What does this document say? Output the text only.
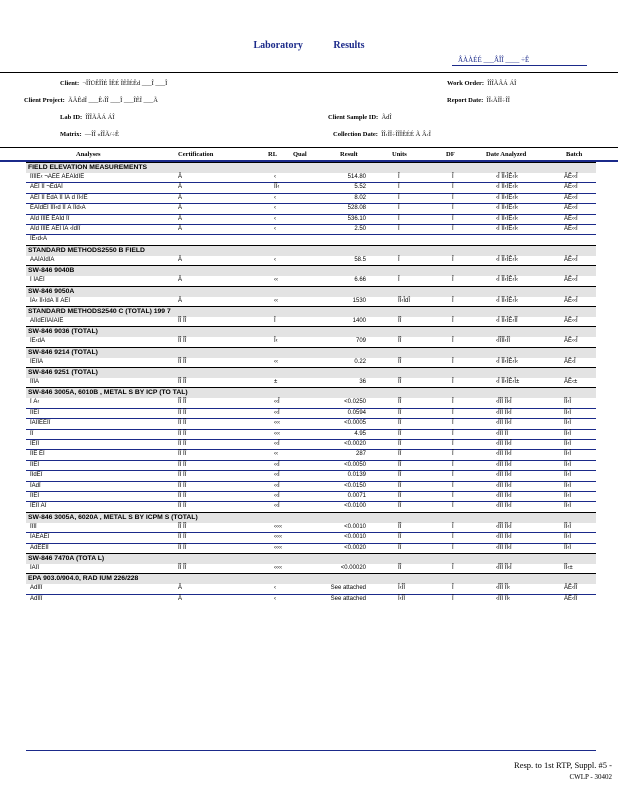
Laboratory	Results
ÂÀÀÉÉ ___ÂÎÎ ____ ÷Ê
Client: ¬ÎÎÜÊÎÎÉ ÎÊÉ ÎÊÎÉÊd ___Î ___Î	Work Order: ÎÎÎÃÂÁ ÁÎ
Client Project: ÃÂÊdÎ ___Ê‹ÎÎ ___Î ___ÎÊÎ ___Ã	Report Date: ÎÎ‹ÃÎÎ÷ÎÎ
Lab ID: ÎÎÎÃÂÁ ÁÎ	Client Sample ID: ÃdÎ
Matrix: —ÎÎ «ÎÎÃ/÷Ê	Collection Date: ÎÎ‹ÎÎ÷ÎÎÎÊÉÉ Ã Â‹Î
Analyses	Certification	RL Qual	Result	Units	DF	Date Analyzed	Batch
FIELD ELEVATION MEASUREMENTS
ÎÎÎÎÊ‹ ¬ÃÊÊ ÃÊÃÎdÎÊ	Â	‹	514.80	Î	Î	‹Î ÎÎ‹ÎÊ‹Î‹	ÂÊ‹‹Î
ÃÊÎ ÎÎ ¬ÊdÃÎ	Â	ÎÎ‹	5.52	Î	Î	‹Î ÎÎ‹ÎÊ‹Î‹	ÂÊ‹‹Î
ÃÊÎ ÎÎ ÊdÃ ÎÎ ÎÃ d ÎÎ‹ÎÊ	Â	‹	8.02	Î	Î	‹Î ÎÎ‹ÎÊ‹Î‹	ÂÊ‹‹Î
ÊÃÎdÊÎ ÎÎÎ‹d ÎÎ Ã ÎÎd‹Ã	Â	‹	528.08	Î	Î	‹Î ÎÎ‹ÎÊ‹Î‹	ÂÊ‹‹Î
ÃÎd ÎÎÎÊ ÊÃÎd ÎÎ	Â	‹	536.10	Î	Î	‹Î ÎÎ‹ÎÊ‹Î‹	ÂÊ‹‹Î
ÃÎd ÎÎÎÊ ÃÊÎ ÎÃ ‹ÎdÎÎ	Â	‹	2.50	Î	Î	‹Î ÎÎ‹ÎÊ‹Î‹	ÂÊ‹‹Î
ÎÊ‹d‹Ã
STANDARD METHODS2550 B FIELD
ÃÃÎÃÎdÎÃ	Â	‹	58.5	Î	Î	‹Î ÎÎ‹ÎÊ‹Î‹	ÂÊ‹‹Î
SW-846 9040B
Î ÎÃÊÎ	Â	‹‹	6.66	Î	Î	‹Î ÎÎ‹ÎÊ‹Î‹	ÂÊ‹‹Î
SW-846 9050A
ÎÃ‹ ÎÎ‹ÎdÃ ÎÎ ÃÊÎ	Â	‹‹	1530	ÎÎ‹ÎdÎ	Î	‹Î ÎÎ‹ÎÊ‹Î‹	ÂÊ‹‹Î
STANDARD METHODS2540 C (TOTAL) 199 7
ÃÎÎdÊÎÎÃÎÃÎÊ	ÎÎ ÎÎ	Î	1400	ÎÎ	Î	‹Î ÎÎ‹ÎÊ‹ÎÎ	ÂÊ‹‹Î
SW-846 9036 (TOTAL)
ÎÊ‹dÃ	ÎÎ ÎÎ	Î‹	709	ÎÎ	Î	‹ÎÎÎÎ‹ÎÎ	ÂÊ‹‹Î
SW-846 9214 (TOTAL)
ÎÊÎÎÃ	ÎÎ ÎÎ	‹‹	0.22	ÎÎ	Î	‹Î ÎÎ‹ÎÊ‹Î‹	ÂÊ‹Î
SW-846 9251 (TOTAL)
ÎÎÎÃ	ÎÎ ÎÎ	±	36	ÎÎ	Î	‹Î ÎÎ‹ÎÊ‹Î±	ÂÊ‹±
SW-846 3005A, 6010B , METAL S BY ICP (TO TAL)
Î Ã‹	ÎÎ ÎÎ	‹‹Î	<0.0250	ÎÎ	Î	‹ÎÎÎ ÎÎ‹Î	ÎÎ‹Î
ÎÎÊÎ	ÎÎ ÎÎ	‹‹Î	0.0594	ÎÎ	Î	‹ÎÎÎ ÎÎ‹Î	ÎÎ‹Î
ÎÃÎÎÊÊÎÎ	ÎÎ ÎÎ	‹‹‹	<0.0005	ÎÎ	Î	‹ÎÎÎ ÎÎ‹Î	ÎÎ‹Î
ÎÎ	ÎÎ ÎÎ	‹‹‹	4.95	ÎÎ	Î	‹ÎÎÎ ÎÎ	ÎÎ‹Î
ÎÊÎÎ	ÎÎ ÎÎ	‹‹Î	<0.0020	ÎÎ	Î	‹ÎÎÎ ÎÎ‹Î	ÎÎ‹Î
ÎÎÊ ÊÎ	ÎÎ ÎÎ	‹‹	287	ÎÎ	Î	‹ÎÎÎ ÎÎ‹Î	ÎÎ‹Î
ÎÎÊÎ	ÎÎ ÎÎ	‹‹Î	<0.0050	ÎÎ	Î	‹ÎÎÎ ÎÎ‹Î	ÎÎ‹Î
ÎÎdÊÎ	ÎÎ ÎÎ	‹‹Î	0.0139	ÎÎ	Î	‹ÎÎÎ ÎÎ‹Î	ÎÎ‹Î
ÎÃdÎ	ÎÎ ÎÎ	‹‹Î	<0.0150	ÎÎ	Î	‹ÎÎÎ ÎÎ‹Î	ÎÎ‹Î
ÎÎÊÎ	ÎÎ ÎÎ	‹‹Î	0.0071	ÎÎ	Î	‹ÎÎÎ ÎÎ‹Î	ÎÎ‹Î
ÎÊÎÎ ÃÎ	ÎÎ ÎÎ	‹‹Î	<0.0100	ÎÎ	Î	‹ÎÎÎ ÎÎ‹Î	ÎÎ‹Î
SW-846 3005A, 6020A , METAL S BY ICPM S (TOTAL)
ÎÎÎÎ	ÎÎ ÎÎ	‹‹‹‹	<0.0010	ÎÎ	Î	‹ÎÎÎ ÎÎ‹Î	ÎÎ‹Î
ÎÃÊÃÊÎ	ÎÎ ÎÎ	‹‹‹‹	<0.0010	ÎÎ	Î	‹ÎÎÎ ÎÎ‹Î	ÎÎ‹Î
ÃdÊÊÎÎ	ÎÎ ÎÎ	‹‹‹‹	<0.0020	ÎÎ	Î	‹ÎÎÎ ÎÎ‹Î	ÎÎ‹Î
SW-846 7470A (TOTA L)
ÎÃÎÎ	ÎÎ ÎÎ	‹‹‹‹	<0.00020	ÎÎ	Î	‹ÎÎÎ ÎÎ‹Î	ÎÎ‹±
EPA 903.0/904.0, RAD IUM 226/228
ÃdÎÎÎ	Â	‹	See attached	Î‹ÎÎ	Î	‹ÎÎÎ ÎÎ‹	ÂÊ‹ÎÎ
ÃdÎÎÎ	Â	‹	See attached	Î‹ÎÎ	Î	‹ÎÎÎ ÎÎ‹	ÂÊ‹ÎÎ
Resp. to 1st RTP, Suppl. #5 -
CWLP - 30402
